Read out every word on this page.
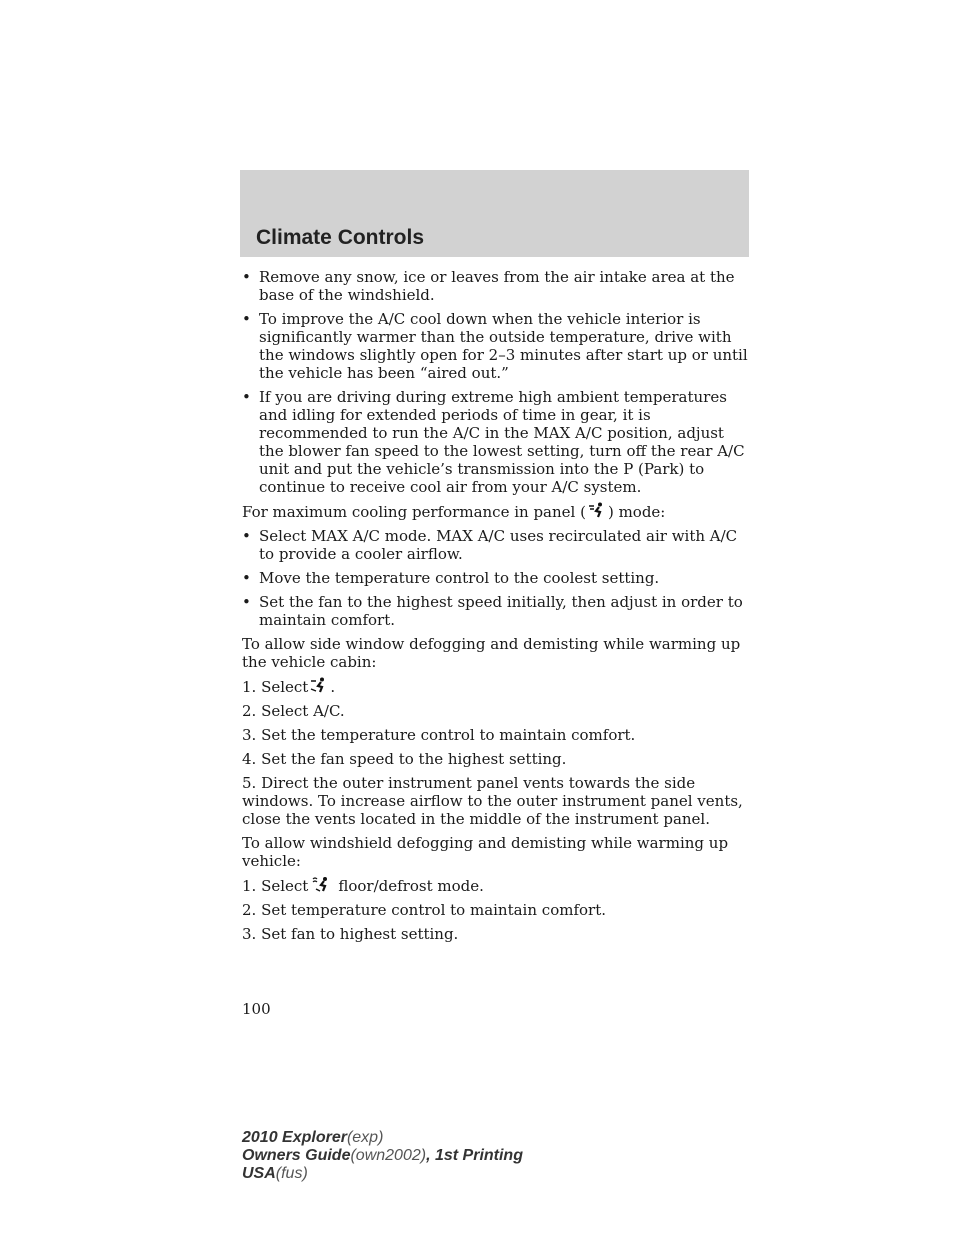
Climate Controls
• Remove any snow, ice or leaves from the air intake area at the base of the windshield.
• To improve the A/C cool down when the vehicle interior is significantly warmer than the outside temperature, drive with the windows slightly open for 2–3 minutes after start up or until the vehicle has been “aired out.”
• If you are driving during extreme high ambient temperatures and idling for extended periods of time in gear, it is recommended to run the A/C in the MAX A/C position, adjust the blower fan speed to the lowest setting, turn off the rear A/C unit and put the vehicle’s transmission into the P (Park) to continue to receive cool air from your A/C system.
For maximum cooling performance in panel ( ) mode:
• Select MAX A/C mode. MAX A/C uses recirculated air with A/C to provide a cooler airflow.
• Move the temperature control to the coolest setting.
• Set the fan to the highest speed initially, then adjust in order to maintain comfort.
To allow side window defogging and demisting while warming up the vehicle cabin:
1. Select .
2. Select A/C.
3. Set the temperature control to maintain comfort.
4. Set the fan speed to the highest setting.
5. Direct the outer instrument panel vents towards the side windows. To increase airflow to the outer instrument panel vents, close the vents located in the middle of the instrument panel.
To allow windshield defogging and demisting while warming up vehicle:
1. Select floor/defrost mode.
2. Set temperature control to maintain comfort.
3. Set fan to highest setting.
100
2010 Explorer(exp)
Owners Guide(own2002), 1st Printing
USA(fus)
